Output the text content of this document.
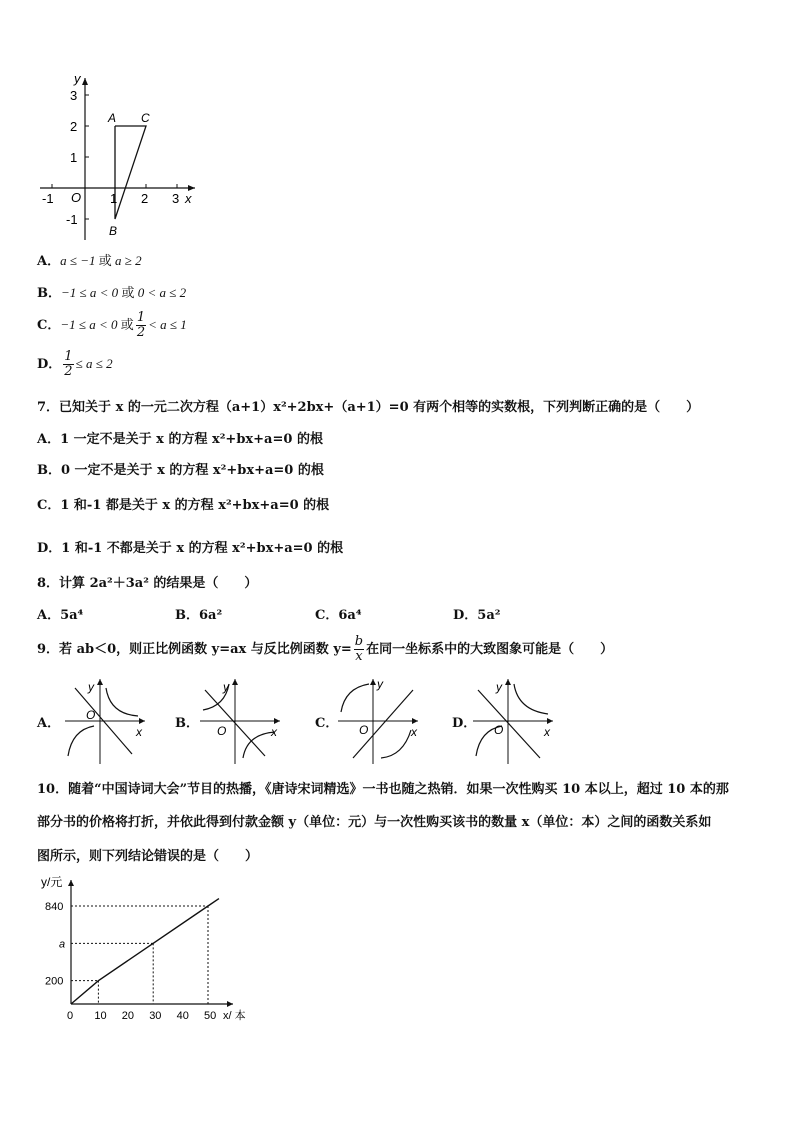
y
x
O
-1	1 2 3
3
2
1
-1
A C
B
A．a ≤ −1 或 a ≥ 2
B．−1 ≤ a < 0 或 0 < a ≤ 2
C．−1 ≤ a < 0 或 $\frac{1}{2} < a \le 1$
D． $\frac{1}{2} \le a \le 2$
7．已知关于 x 的一元二次方程（a+1）x²+2bx+（a+1）=0 有两个相等的实数根，下列判断正确的是（　　）
A．1 一定不是关于 x 的方程 x²+bx+a=0 的根
B．0 一定不是关于 x 的方程 x²+bx+a=0 的根
C．1 和-1 都是关于 x 的方程 x²+bx+a=0 的根
D．1 和-1 不都是关于 x 的方程 x²+bx+a=0 的根
8．计算 2a²＋3a² 的结果是（　　）
A．5a⁴	B．6a²	C．6a⁴	D．5a²
9．若 ab＜0，则正比例函数 y=ax 与反比例函数 $y= \frac{b}{x}$ 在同一坐标系中的大致图象可能是（　　）
A．	B．	C．	D．
y
x
O
y
x
O
y
x
O
y
x
O
10．随着“中国诗词大会”节目的热播，《唐诗宋词精选》一书也随之热销．如果一次性购买 10 本以上，超过 10 本的那
部分书的价格将打折，并依此得到付款金额 y（单位：元）与一次性购买该书的数量 x（单位：本）之间的函数关系如
图所示，则下列结论错误的是（　　）
0 10 20 30 40 50
840
a
200
y/元
x/ 本
